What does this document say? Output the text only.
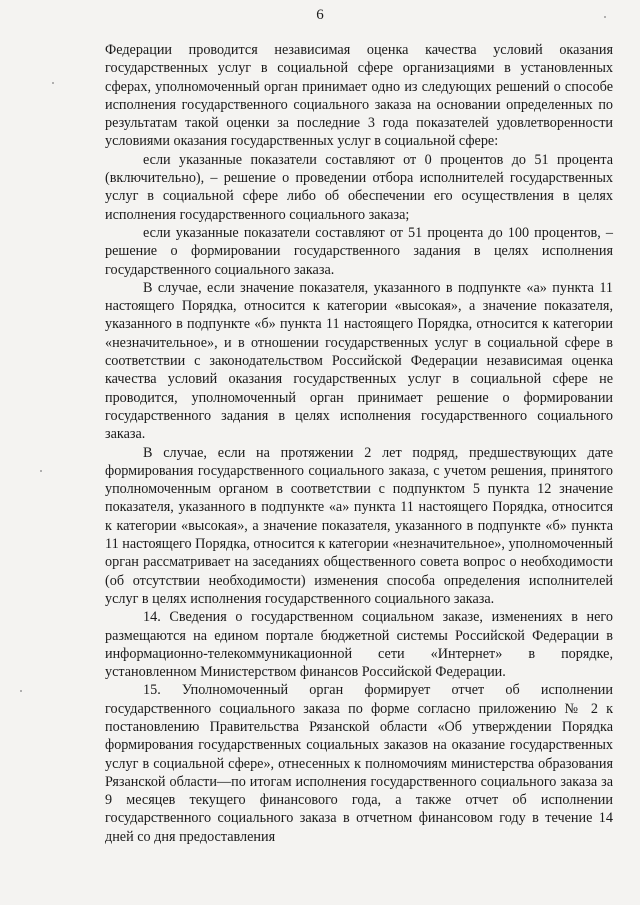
6

Федерации проводится независимая оценка качества условий оказания государственных услуг в социальной сфере организациями в установленных сферах, уполномоченный орган принимает одно из следующих решений о способе исполнения государственного социального заказа на основании определенных по результатам такой оценки за последние 3 года показателей удовлетворенности условиями оказания государственных услуг в социальной сфере:

если указанные показатели составляют от 0 процентов до 51 процента (включительно), – решение о проведении отбора исполнителей государственных услуг в социальной сфере либо об обеспечении его осуществления в целях исполнения государственного социального заказа;

если указанные показатели составляют от 51 процента до 100 процентов, – решение о формировании государственного задания в целях исполнения государственного социального заказа.

В случае, если значение показателя, указанного в подпункте «а» пункта 11 настоящего Порядка, относится к категории «высокая», а значение показателя, указанного в подпункте «б» пункта 11 настоящего Порядка, относится к категории «незначительное», и в отношении государственных услуг в социальной сфере в соответствии с законодательством Российской Федерации независимая оценка качества условий оказания государственных услуг в социальной сфере не проводится, уполномоченный орган принимает решение о формировании государственного задания в целях исполнения государственного социального заказа.

В случае, если на протяжении 2 лет подряд, предшествующих дате формирования государственного социального заказа, с учетом решения, принятого уполномоченным органом в соответствии с подпунктом 5 пункта 12 значение показателя, указанного в подпункте «а» пункта 11 настоящего Порядка, относится к категории «высокая», а значение показателя, указанного в подпункте «б» пункта 11 настоящего Порядка, относится к категории «незначительное», уполномоченный орган рассматривает на заседаниях общественного совета вопрос о необходимости (об отсутствии необходимости) изменения способа определения исполнителей услуг в целях исполнения государственного социального заказа.

14. Сведения о государственном социальном заказе, изменениях в него размещаются на едином портале бюджетной системы Российской Федерации в информационно-телекоммуникационной сети «Интернет» в порядке, установленном Министерством финансов Российской Федерации.

15. Уполномоченный орган формирует отчет об исполнении государственного социального заказа по форме согласно приложению № 2 к постановлению Правительства Рязанской области «Об утверждении Порядка формирования государственных социальных заказов на оказание государственных услуг в социальной сфере», отнесенных к полномочиям министерства образования Рязанской области—по итогам исполнения государственного социального заказа за 9 месяцев текущего финансового года, а также отчет об исполнении государственного социального заказа в отчетном финансовом году в течение 14 дней со дня предоставления
